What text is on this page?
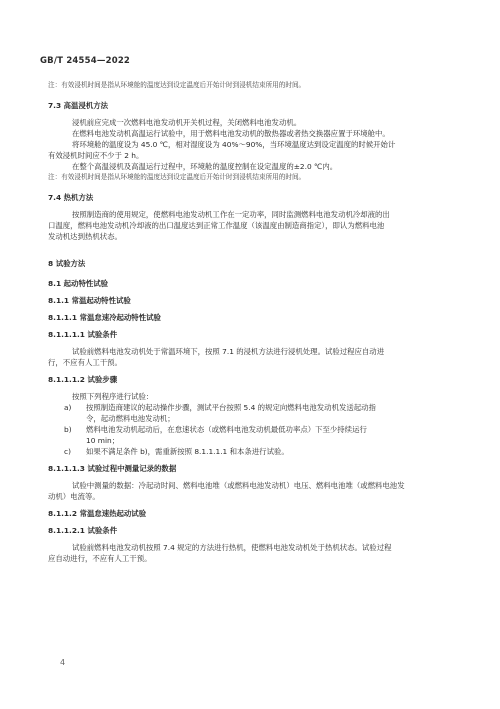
GB/T 24554—2022
注：有效浸机时间是指从环境舱的温度达到设定温度后开始计时到浸机结束所用的时间。
7.3 高温浸机方法
浸机前应完成一次燃料电池发动机开关机过程，关闭燃料电池发动机。
在燃料电池发动机高温运行试验中，用于燃料电池发动机的散热器或者热交换器应置于环境舱中。
将环境舱的温度设为 45.0 ℃，相对湿度设为 40%～90%，当环境温度达到设定温度的时候开始计
有效浸机时间应不少于 2 h。
在整个高温浸机及高温运行过程中，环境舱的温度控制在设定温度的±2.0 ℃内。
注：有效浸机时间是指从环境舱的温度达到设定温度后开始计时到浸机结束所用的时间。
7.4 热机方法
按照制造商的使用规定，使燃料电池发动机工作在一定功率，同时监测燃料电池发动机冷却液的出
口温度，燃料电池发动机冷却液的出口温度达到正常工作温度（该温度由制造商指定），即认为燃料电池
发动机达到热机状态。
8 试验方法
8.1 起动特性试验
8.1.1 常温起动特性试验
8.1.1.1 常温怠速冷起动特性试验
8.1.1.1.1 试验条件
试验前燃料电池发动机处于常温环境下，按照 7.1 的浸机方法进行浸机处理。试验过程应自动进
行，不应有人工干预。
8.1.1.1.2 试验步骤
按照下列程序进行试验：
a) 按照制造商建议的起动操作步骤，测试平台按照 5.4 的规定向燃料电池发动机发送起动指
令，起动燃料电池发动机；
b) 燃料电池发动机起动后，在怠速状态（或燃料电池发动机最低功率点）下至少持续运行
10 min；
c) 如果不满足条件 b)，需重新按照 8.1.1.1.1 和本条进行试验。
8.1.1.1.3 试验过程中测量记录的数据
试验中测量的数据：冷起动时间、燃料电池堆（或燃料电池发动机）电压、燃料电池堆（或燃料电池发
动机）电流等。
8.1.1.2 常温怠速热起动试验
8.1.1.2.1 试验条件
试验前燃料电池发动机按照 7.4 规定的方法进行热机，使燃料电池发动机处于热机状态。试验过程
应自动进行，不应有人工干预。
4
